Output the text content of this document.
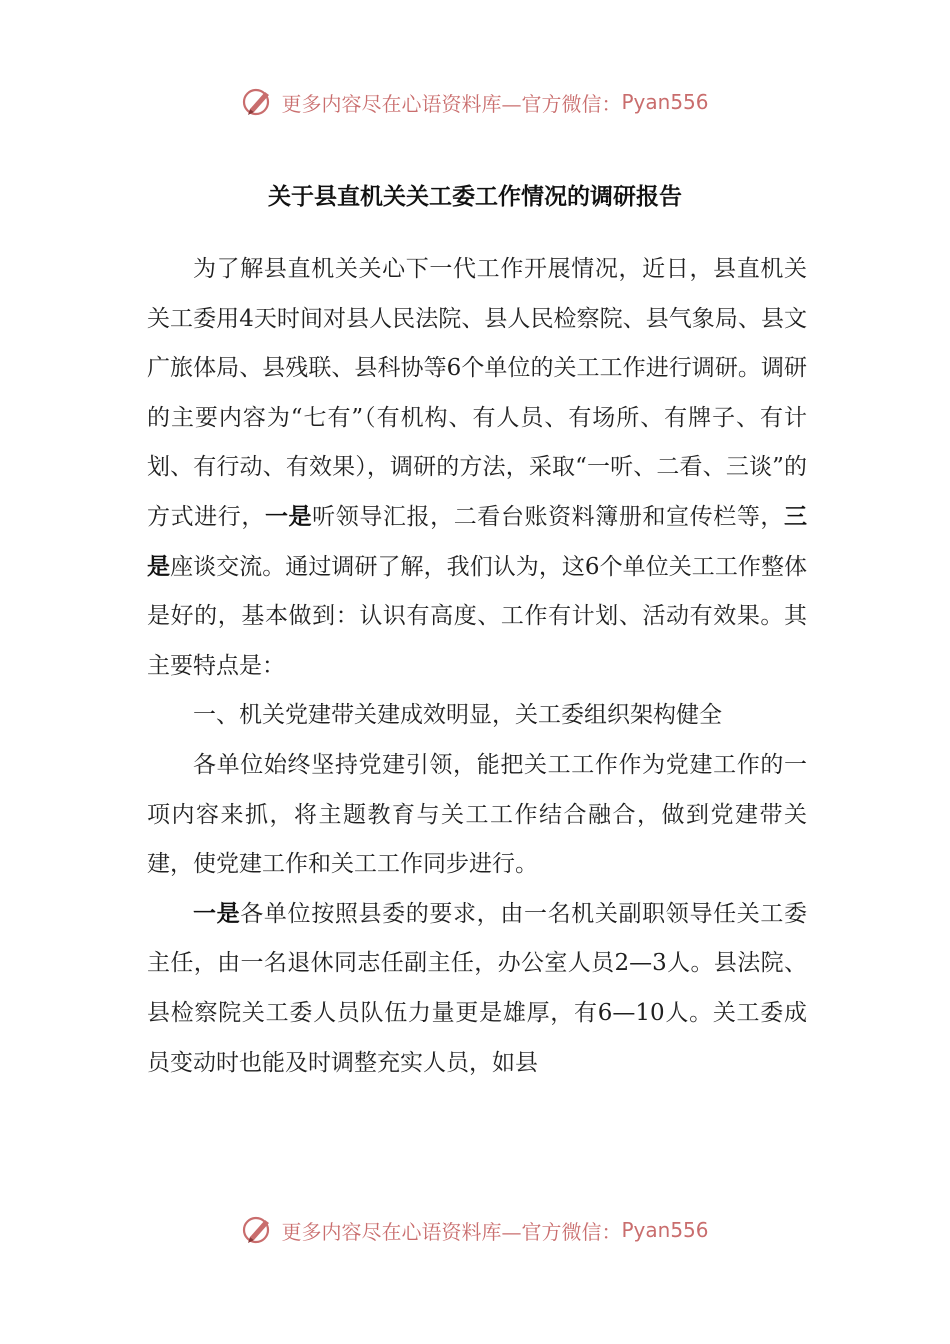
更多内容尽在心语资料库—官方微信： Pyan556
关于县直机关关工委工作情况的调研报告

为了解县直机关关心下一代工作开展情况，近日，县直机关关工委用4天时间对县人民法院、县人民检察院、县气象局、县文广旅体局、县残联、县科协等6个单位的关工工作进行调研。调研的主要内容为“七有”（有机构、有人员、有场所、有牌子、有计划、有行动、有效果），调研的方法，采取“一听、二看、三谈”的方式进行，一是听领导汇报，二看台账资料簿册和宣传栏等，三是座谈交流。通过调研了解，我们认为，这6个单位关工工作整体是好的，基本做到：认识有高度、工作有计划、活动有效果。其主要特点是：

一、机关党建带关建成效明显，关工委组织架构健全

各单位始终坚持党建引领，能把关工工作作为党建工作的一项内容来抓，将主题教育与关工工作结合融合，做到党建带关建，使党建工作和关工工作同步进行。

一是各单位按照县委的要求，由一名机关副职领导任关工委主任，由一名退休同志任副主任，办公室人员2—3人。县法院、县检察院关工委人员队伍力量更是雄厚，有6—10人。关工委成员变动时也能及时调整充实人员，如县

更多内容尽在心语资料库—官方微信： Pyan556
